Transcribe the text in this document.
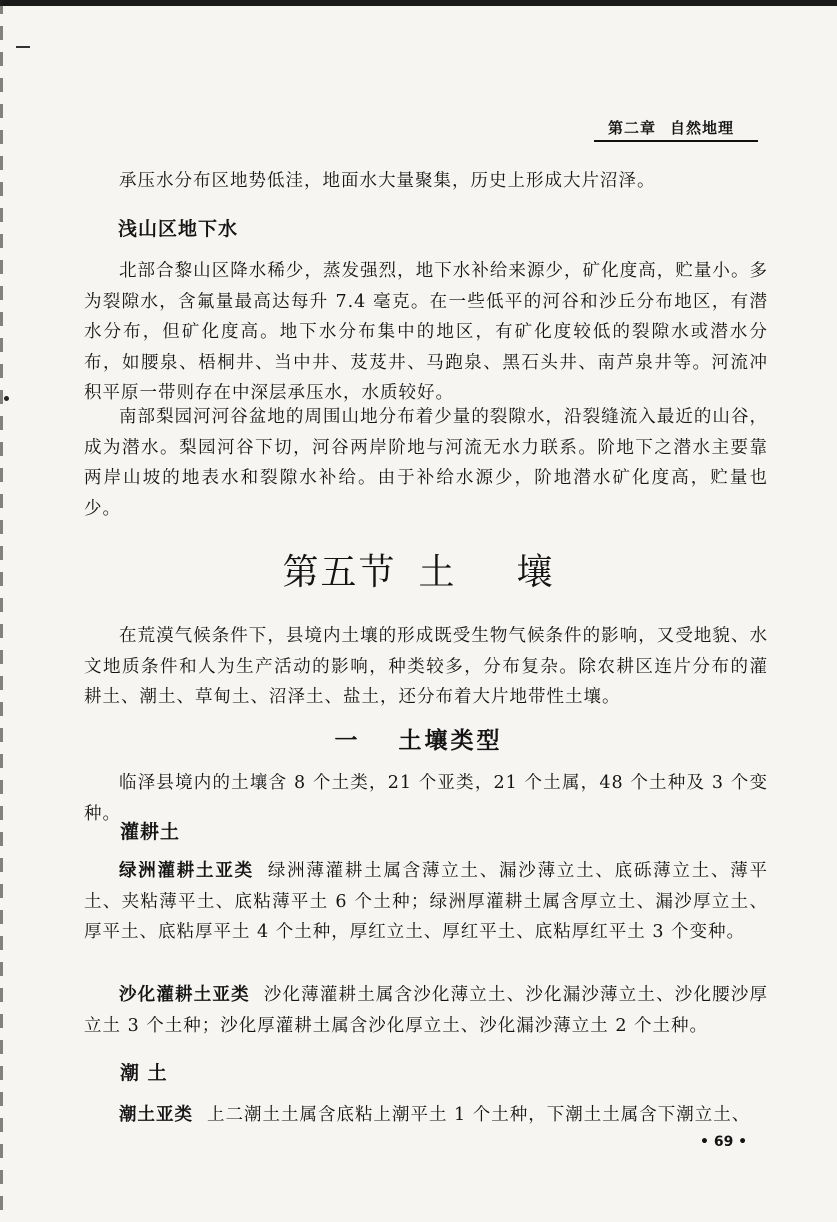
第二章 自然地理
承压水分布区地势低洼，地面水大量聚集，历史上形成大片沼泽。
浅山区地下水
北部合黎山区降水稀少，蒸发强烈，地下水补给来源少，矿化度高，贮量小。多为裂隙水，含氟量最高达每升 7.4 毫克。在一些低平的河谷和沙丘分布地区，有潜水分布，但矿化度高。地下水分布集中的地区，有矿化度较低的裂隙水或潜水分布，如腰泉、梧桐井、当中井、芨芨井、马跑泉、黑石头井、南芦泉井等。河流冲积平原一带则存在中深层承压水，水质较好。
南部梨园河河谷盆地的周围山地分布着少量的裂隙水，沿裂缝流入最近的山谷，成为潜水。梨园河谷下切，河谷两岸阶地与河流无水力联系。阶地下之潜水主要靠两岸山坡的地表水和裂隙水补给。由于补给水源少，阶地潜水矿化度高，贮量也少。
第五节 土 壤
在荒漠气候条件下，县境内土壤的形成既受生物气候条件的影响，又受地貌、水文地质条件和人为生产活动的影响，种类较多，分布复杂。除农耕区连片分布的灌耕土、潮土、草甸土、沼泽土、盐土，还分布着大片地带性土壤。
一 土壤类型
临泽县境内的土壤含 8 个土类，21 个亚类，21 个土属，48 个土种及 3 个变种。
灌耕土
绿洲灌耕土亚类 绿洲薄灌耕土属含薄立土、漏沙薄立土、底砾薄立土、薄平土、夹粘薄平土、底粘薄平土 6 个土种；绿洲厚灌耕土属含厚立土、漏沙厚立土、厚平土、底粘厚平土 4 个土种，厚红立土、厚红平土、底粘厚红平土 3 个变种。
沙化灌耕土亚类 沙化薄灌耕土属含沙化薄立土、沙化漏沙薄立土、沙化腰沙厚立土 3 个土种；沙化厚灌耕土属含沙化厚立土、沙化漏沙薄立土 2 个土种。
潮 土
潮土亚类 上二潮土土属含底粘上潮平土 1 个土种，下潮土土属含下潮立土、
• 69 •
